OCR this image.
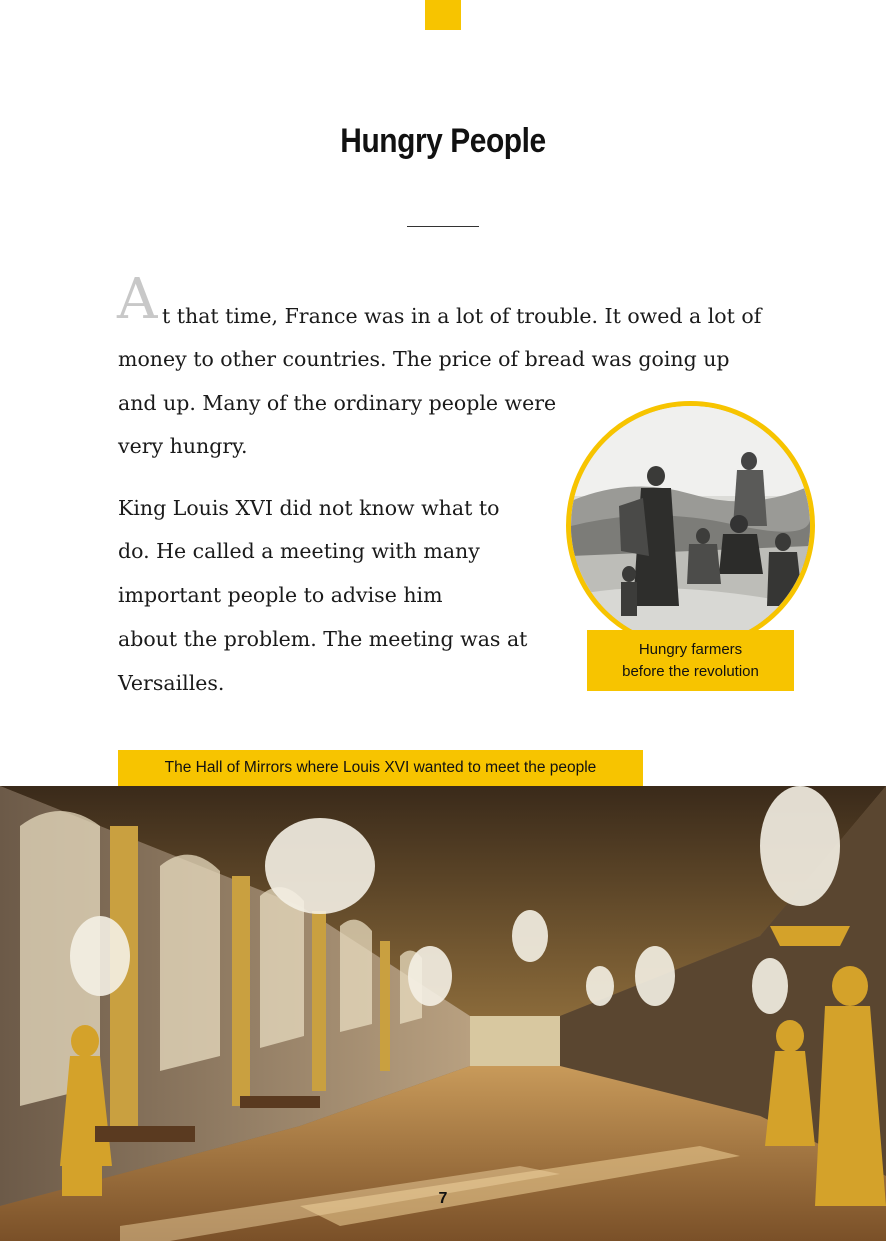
Hungry People
A t that time, France was in a lot of trouble. It owed a lot of
money to other countries. The price of bread was going up
and up. Many of the ordinary people were
very hungry.
King Louis XVI did not know what to
do. He called a meeting with many
important people to advise him
about the problem. The meeting was at
Versailles.
Hungry farmers
before the revolution
The Hall of Mirrors where Louis XVI wanted to meet the people
7
